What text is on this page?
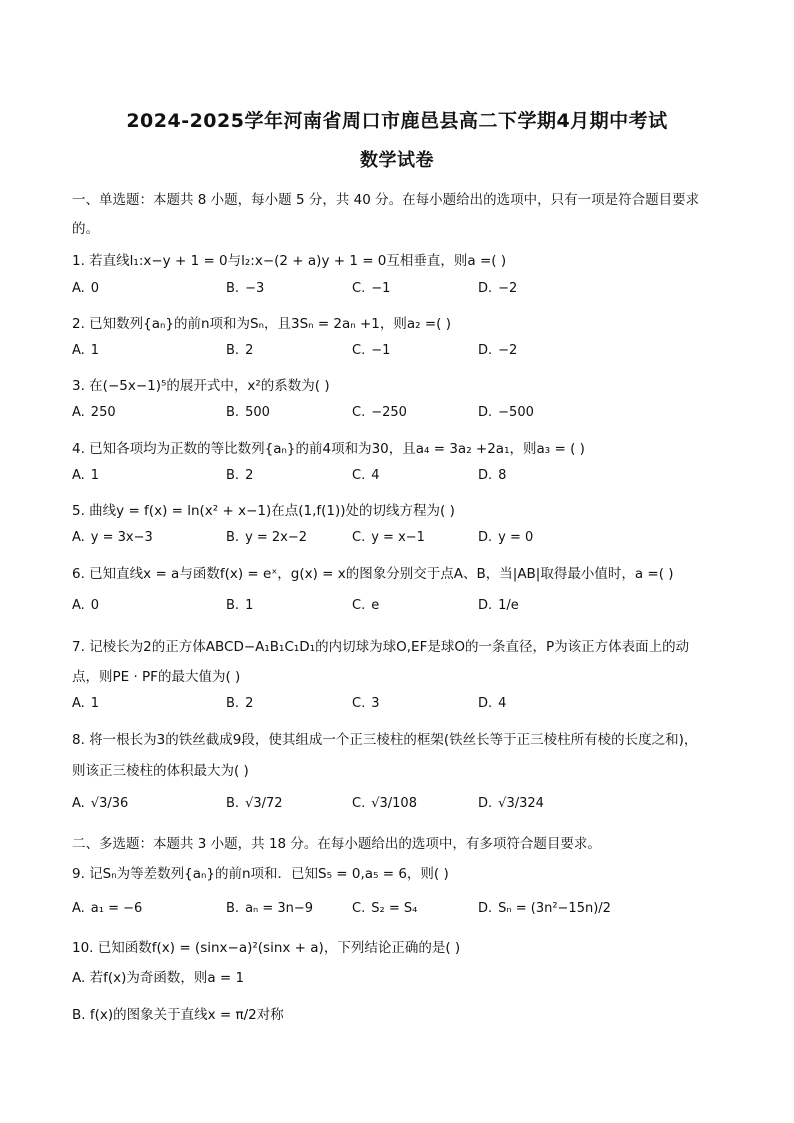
2024-2025学年河南省周口市鹿邑县高二下学期4月期中考试
数学试卷
一、单选题：本题共 8 小题，每小题 5 分，共 40 分。在每小题给出的选项中，只有一项是符合题目要求
的。
1. 若直线l₁:x−y + 1 = 0与l₂:x−(2 + a)y + 1 = 0互相垂直，则a =( )
A. 0	B. −3	C. −1	D. −2
2. 已知数列{aₙ}的前n项和为Sₙ，且3Sₙ = 2aₙ +1，则a₂ =( )
A. 1	B. 2	C. −1	D. −2
3. 在(−5x−1)⁵的展开式中，x²的系数为( )
A. 250	B. 500	C. −250	D. −500
4. 已知各项均为正数的等比数列{aₙ}的前4项和为30，且a₄ = 3a₂ +2a₁，则a₃ = ( )
A. 1	B. 2	C. 4	D. 8
5. 曲线y = f(x) = ln(x² + x−1)在点(1,f(1))处的切线方程为( )
A. y = 3x−3	B. y = 2x−2	C. y = x−1	D. y = 0
6. 已知直线x = a与函数f(x) = eˣ，g(x) = x的图象分别交于点A、B，当|AB|取得最小值时，a =( )
A. 0	B. 1	C. e	D. 1/e
7. 记棱长为2的正方体ABCD−A₁B₁C₁D₁的内切球为球O,EF是球O的一条直径，P为该正方体表面上的动
点，则PE · PF的最大值为( )
A. 1	B. 2	C. 3	D. 4
8. 将一根长为3的铁丝截成9段，使其组成一个正三棱柱的框架(铁丝长等于正三棱柱所有棱的长度之和)，
则该正三棱柱的体积最大为( )
A. √3/36	B. √3/72	C. √3/108	D. √3/324
二、多选题：本题共 3 小题，共 18 分。在每小题给出的选项中，有多项符合题目要求。
9. 记Sₙ为等差数列{aₙ}的前n项和．已知S₅ = 0,a₅ = 6，则( )
A. a₁ = −6	B. aₙ = 3n−9	C. S₂ = S₄	D. Sₙ = (3n²−15n)/2
10. 已知函数f(x) = (sinx−a)²(sinx + a)，下列结论正确的是( )
A. 若f(x)为奇函数，则a = 1
B. f(x)的图象关于直线x = π/2对称
